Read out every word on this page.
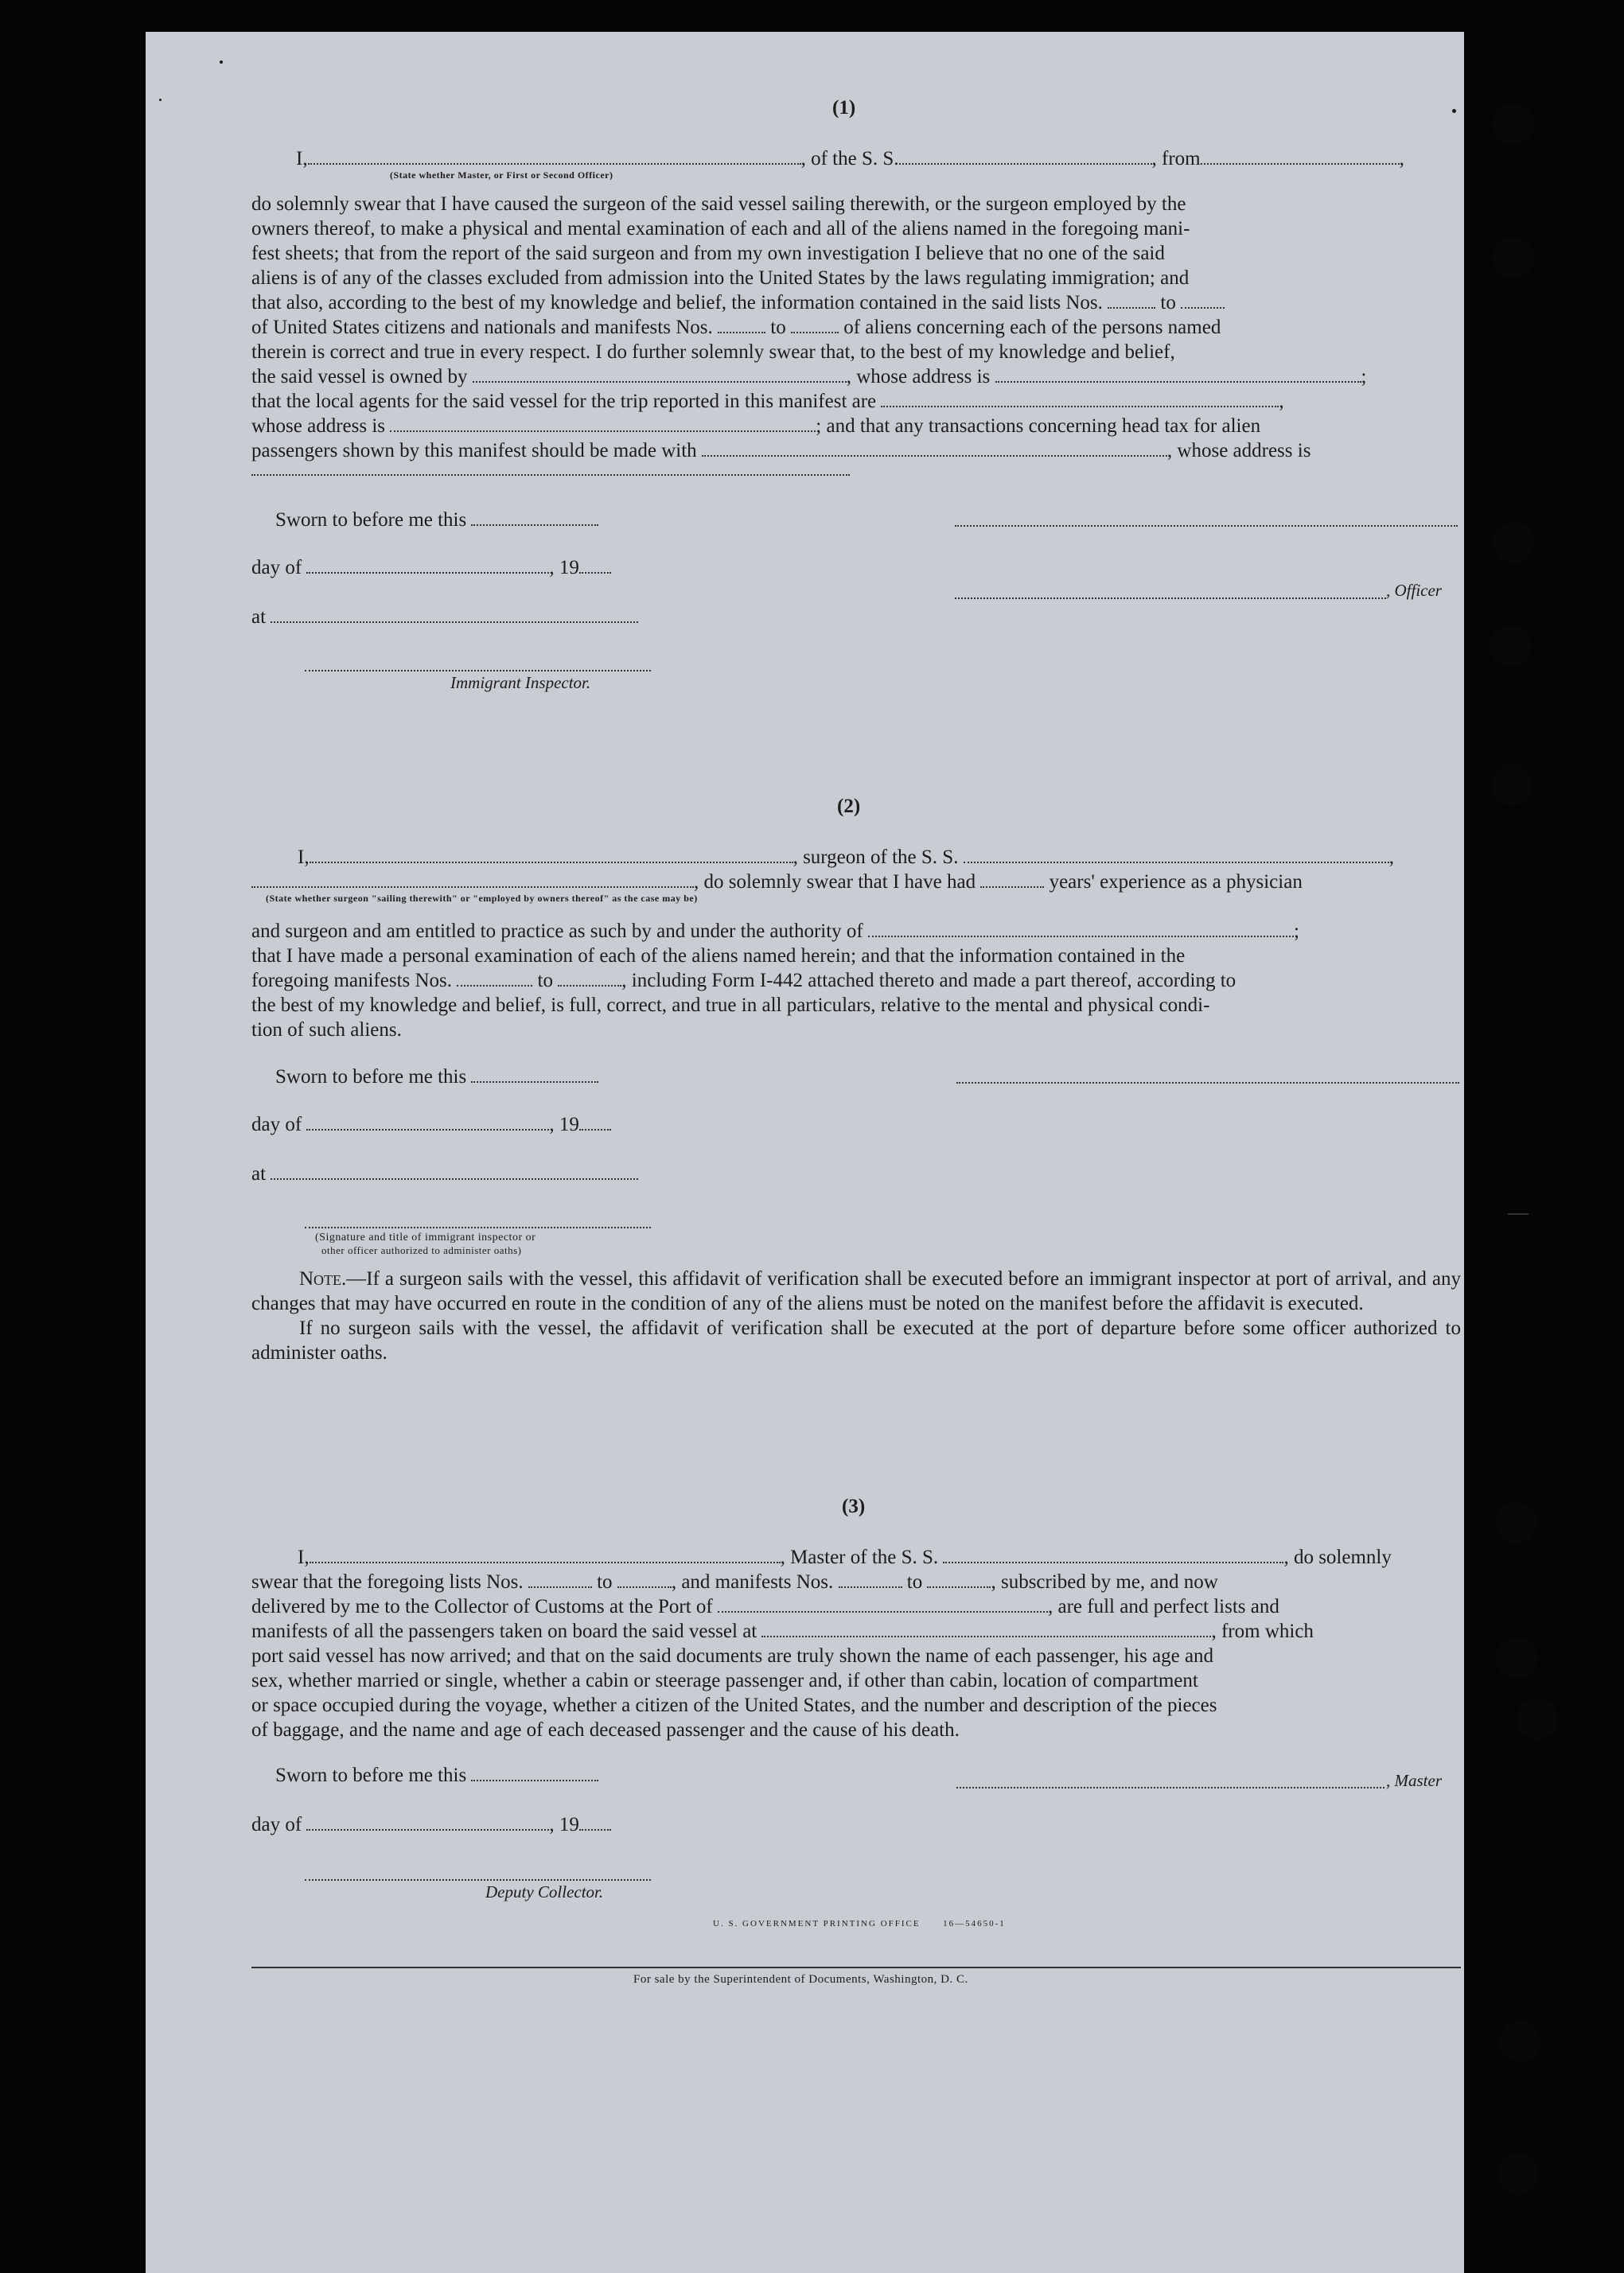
(1)
I,	, of the S. S.	, from	,
(State whether Master, or First or Second Officer)

do solemnly swear that I have caused the surgeon of the said vessel sailing therewith, or the surgeon employed by the

owners thereof, to make a physical and mental examination of each and all of the aliens named in the foregoing mani-

fest sheets; that from the report of the said surgeon and from my own investigation I believe that no one of the said

aliens is of any of the classes excluded from admission into the United States by the laws regulating immigration; and

that also, according to the best of my knowledge and belief, the information contained in the said lists Nos.	to

of United States citizens and nationals and manifests Nos.	to	of aliens concerning each of the persons named

therein is correct and true in every respect. I do further solemnly swear that, to the best of my knowledge and belief,

the said vessel is owned by	, whose address is	;

that the local agents for the said vessel for the trip reported in this manifest are	,

whose address is	; and that any transactions concerning head tax for alien

passengers shown by this manifest should be made with	, whose address is

Sworn to before me this
day of	, 19
, Officer
at
Immigrant Inspector.
(2)
I,	, surgeon of the S. S.	,
, do solemnly swear that I have had	years' experience as a physician
(State whether surgeon "sailing therewith" or "employed by owners thereof" as the case may be)

and surgeon and am entitled to practice as such by and under the authority of	;

that I have made a personal examination of each of the aliens named herein; and that the information contained in the

foregoing manifests Nos.	to	, including Form I-442 attached thereto and made a part thereof, according to

the best of my knowledge and belief, is full, correct, and true in all particulars, relative to the mental and physical condi-

tion of such aliens.

Sworn to before me this
day of	, 19
at
(Signature and title of immigrant inspector or
other officer authorized to administer oaths)

Note.—If a surgeon sails with the vessel, this affidavit of verification shall be executed before an immigrant inspector at port of arrival, and any changes that may have occurred en route in the condition of any of the aliens must be noted on the manifest before the affidavit is executed.

If no surgeon sails with the vessel, the affidavit of verification shall be executed at the port of departure before some officer authorized to administer oaths.

(3)

I,	, Master of the S. S.	, do solemnly

swear that the foregoing lists Nos.	to	, and manifests Nos.	to	, subscribed by me, and now

delivered by me to the Collector of Customs at the Port of	, are full and perfect lists and

manifests of all the passengers taken on board the said vessel at	, from which

port said vessel has now arrived; and that on the said documents are truly shown the name of each passenger, his age and

sex, whether married or single, whether a cabin or steerage passenger and, if other than cabin, location of compartment

or space occupied during the voyage, whether a citizen of the United States, and the number and description of the pieces

of baggage, and the name and age of each deceased passenger and the cause of his death.

Sworn to before me this	, Master
day of	, 19
Deputy Collector.
U. S. GOVERNMENT PRINTING OFFICE      16—54650-1
For sale by the Superintendent of Documents, Washington, D. C.
